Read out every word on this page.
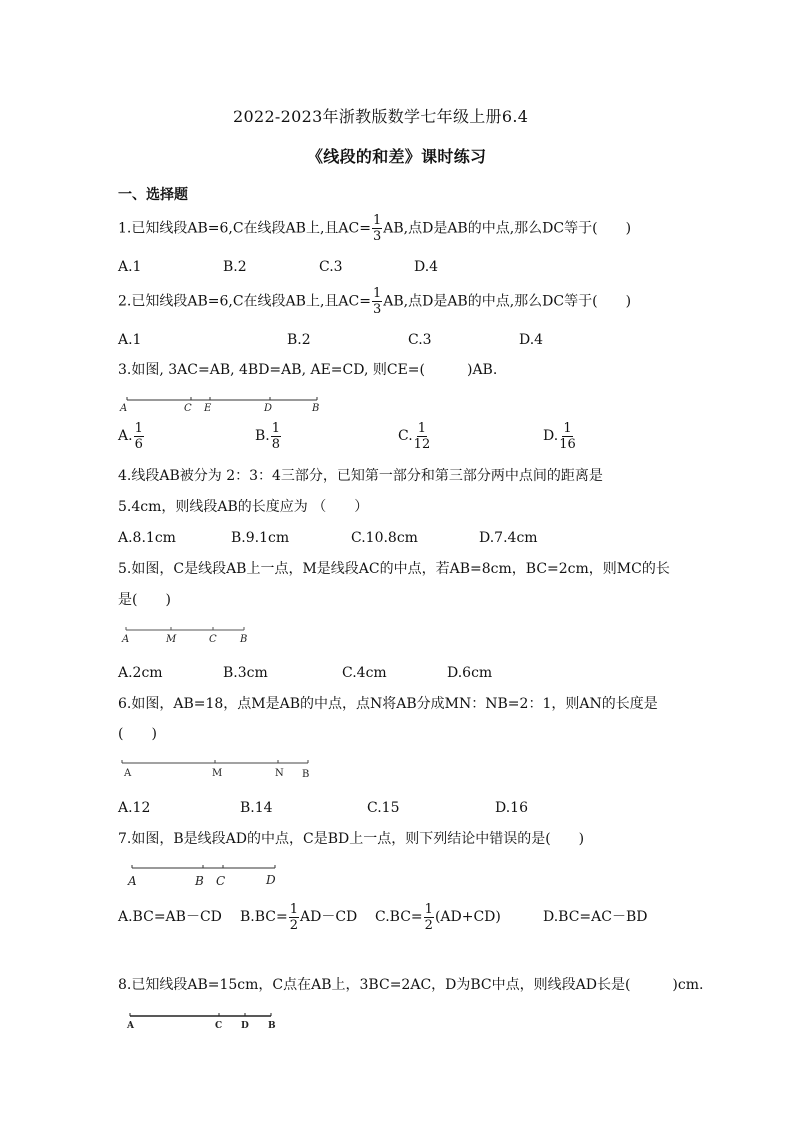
2022-2023年浙教版数学七年级上册6.4
《线段的和差》课时练习
一、选择题
1.已知线段AB=6,C在线段AB上,且$AC= \frac{1}{3}$ AB,点D是AB的中点,那么DC等于(　　)
A.1	B.2	C.3	D.4
2.已知线段AB=6,C在线段AB上,且$AC= \frac{1}{3}$ AB,点D是AB的中点,那么DC等于(　　)
A.1	B.2	C.3	D.4
3.如图, 3AC=AB, 4BD=AB, AE=CD, 则CE=(　　　)AB.
A	C E	D	B
A. $\frac{1}{6}$	B. $\frac{1}{8}$	C. $\frac{1}{12}$	D. $\frac{1}{16}$
4.线段AB被分为 2：3：4三部分，已知第一部分和第三部分两中点间的距离是
5.4cm，则线段AB的长度应为 （　　）
A.8.1cm	B.9.1cm	C.10.8cm	D.7.4cm
5.如图，C是线段AB上一点，M是线段AC的中点，若AB=8cm，BC=2cm，则MC的长
是(　　)
A	M	C B
A.2cm	B.3cm	C.4cm	D.6cm
6.如图，AB=18，点M是AB的中点，点N将AB分成MN：NB=2：1，则AN的长度是
(　　)
A	M	N B
A.12	B.14	C.15	D.16
7.如图，B是线段AD的中点，C是BD上一点，则下列结论中错误的是(　　)
A	B C	D
A.BC=AB－CD $B.BC= \frac{1}{2} AD-CD$ $C.BC= \frac{1}{2} (AD+CD)$	D.BC=AC－BD
8.已知线段AB=15cm，C点在AB上，3BC=2AC，D为BC中点，则线段AD长是(　　　)cm.
A	C D B
